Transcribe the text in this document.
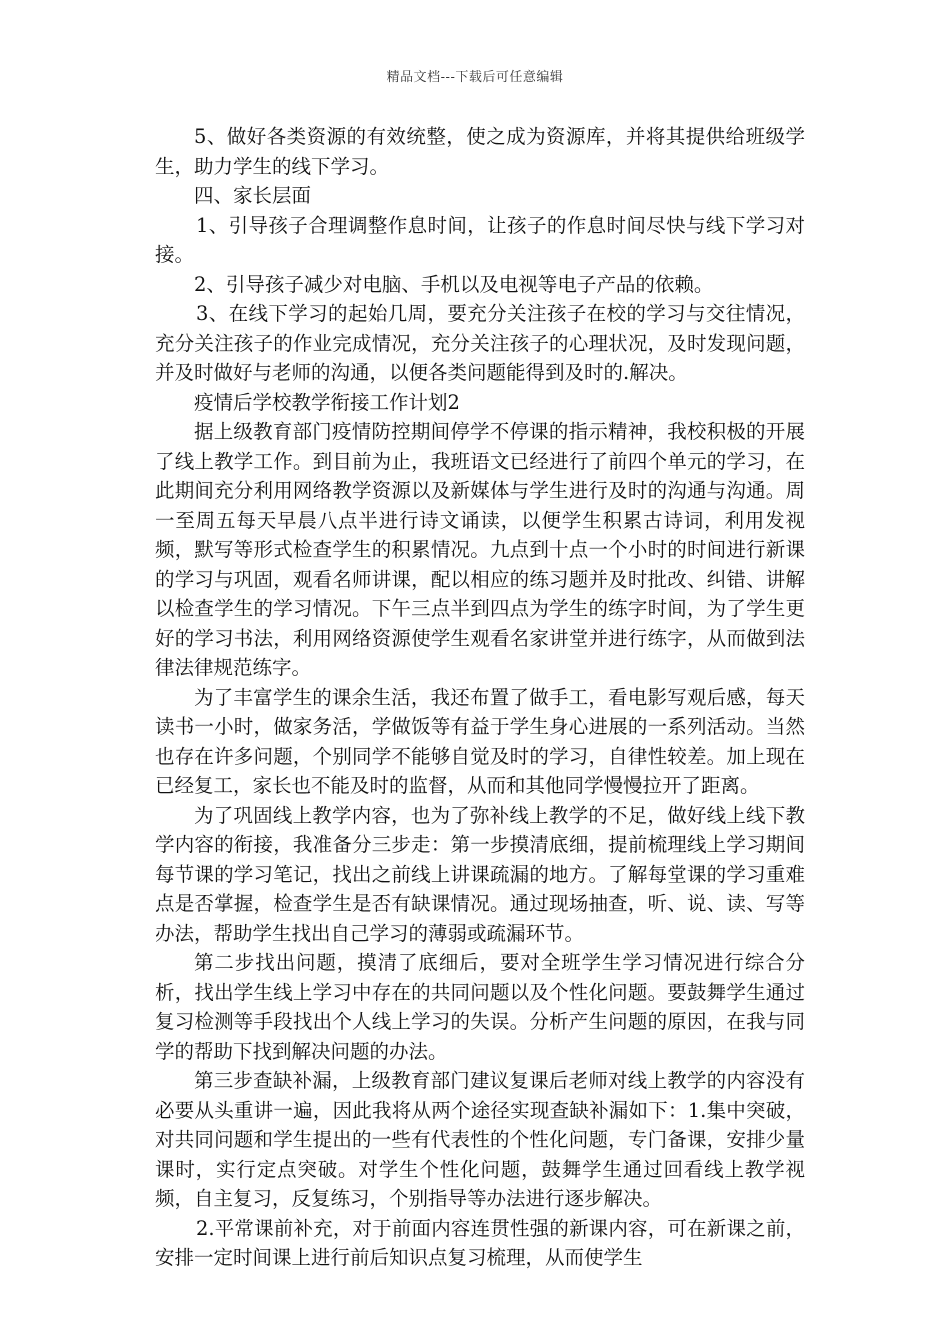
精品文档---下载后可任意编辑

5、做好各类资源的有效统整，使之成为资源库，并将其提供给班级学生，助力学生的线下学习。

四、家长层面

1、引导孩子合理调整作息时间，让孩子的作息时间尽快与线下学习对接。

2、引导孩子减少对电脑、手机以及电视等电子产品的依赖。

3、在线下学习的起始几周，要充分关注孩子在校的学习与交往情况，充分关注孩子的作业完成情况，充分关注孩子的心理状况，及时发现问题，并及时做好与老师的沟通，以便各类问题能得到及时的.解决。

疫情后学校教学衔接工作计划2

据上级教育部门疫情防控期间停学不停课的指示精神，我校积极的开展了线上教学工作。到目前为止，我班语文已经进行了前四个单元的学习，在此期间充分利用网络教学资源以及新媒体与学生进行及时的沟通与沟通。周一至周五每天早晨八点半进行诗文诵读，以便学生积累古诗词，利用发视频，默写等形式检查学生的积累情况。九点到十点一个小时的时间进行新课的学习与巩固，观看名师讲课，配以相应的练习题并及时批改、纠错、讲解以检查学生的学习情况。下午三点半到四点为学生的练字时间，为了学生更好的学习书法，利用网络资源使学生观看名家讲堂并进行练字，从而做到法律法律规范练字。

为了丰富学生的课余生活，我还布置了做手工，看电影写观后感，每天读书一小时，做家务活，学做饭等有益于学生身心进展的一系列活动。当然也存在许多问题，个别同学不能够自觉及时的学习，自律性较差。加上现在已经复工，家长也不能及时的监督，从而和其他同学慢慢拉开了距离。

为了巩固线上教学内容，也为了弥补线上教学的不足，做好线上线下教学内容的衔接，我准备分三步走：第一步摸清底细，提前梳理线上学习期间每节课的学习笔记，找出之前线上讲课疏漏的地方。了解每堂课的学习重难点是否掌握，检查学生是否有缺课情况。通过现场抽查，听、说、读、写等办法，帮助学生找出自己学习的薄弱或疏漏环节。

第二步找出问题，摸清了底细后，要对全班学生学习情况进行综合分析，找出学生线上学习中存在的共同问题以及个性化问题。要鼓舞学生通过复习检测等手段找出个人线上学习的失误。分析产生问题的原因，在我与同学的帮助下找到解决问题的办法。

第三步查缺补漏，上级教育部门建议复课后老师对线上教学的内容没有必要从头重讲一遍，因此我将从两个途径实现查缺补漏如下：1.集中突破，对共同问题和学生提出的一些有代表性的个性化问题，专门备课，安排少量课时，实行定点突破。对学生个性化问题，鼓舞学生通过回看线上教学视频，自主复习，反复练习，个别指导等办法进行逐步解决。

2.平常课前补充，对于前面内容连贯性强的新课内容，可在新课之前，安排一定时间课上进行前后知识点复习梳理，从而使学生
